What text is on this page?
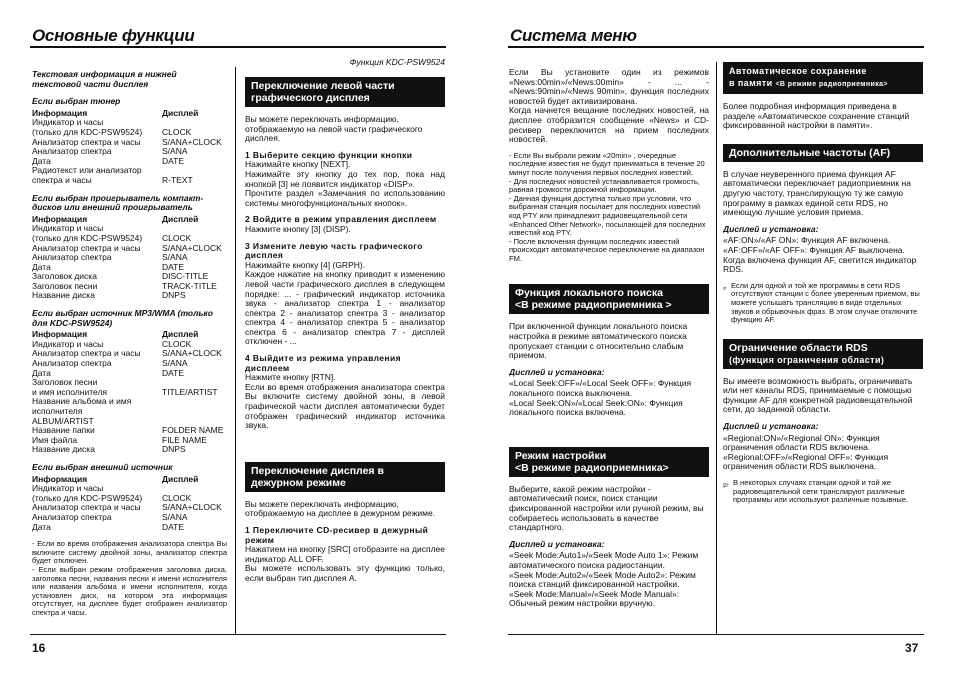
Основные функции
Функция KDC-PSW9524
16
Текстовая информация в нижней текстовой части дисплея
Если выбран тюнер
Информация	Дисплей
Индикатор и часы	
(только для KDC-PSW9524)	CLOCK
Анализатор спектра и часы	S/ANA+CLOCK
Анализатор спектра	S/ANA
Дата	DATE
Радиотекст или анализатор	
спектра и часы	R-TEXT
Если выбран проигрыватель компакт-дисков или внешний проигрыватель
Информация	Дисплей
Индикатор и часы	
(только для KDC-PSW9524)	CLOCK
Анализатор спектра и часы	S/ANA+CLOCK
Анализатор спектра	S/ANA
Дата	DATE
Заголовок диска	DISC-TITLE
Заголовок песни	TRACK-TITLE
Название диска	DNPS
Если выбран источник MP3/WMA (только для KDC-PSW9524)
Информация	Дисплей
Индикатор и часы	CLOCK
Анализатор спектра и часы	S/ANA+CLOCK
Анализатор спектра	S/ANA
Дата	DATE
Заголовок песни	
и имя исполнителя	TITLE/ARTIST
Название альбома и имя исполнителя	
ALBUM/ARTIST	
Название папки	FOLDER NAME
Имя файла	FILE NAME
Название диска	DNPS
Если выбран внешний источник
Информация	Дисплей
Индикатор и часы	
(только для KDC-PSW9524)	CLOCK
Анализатор спектра и часы	S/ANA+CLOCK
Анализатор спектра	S/ANA
Дата	DATE
- Если во время отображения анализатора спектра Вы включите систему двойной зоны, анализатор спектра будет отключен.
- Если выбран режим отображения заголовка диска, заголовка песни, названия песни и имени исполнителя или названия альбома и имени исполнителя, когда установлен диск, на котором эта информация отсутствует, на дисплее будет отображен анализатор спектра и часы.
Переключение левой части графического дисплея

Вы можете переключать информацию, отображаемую на левой части графического дисплея.

1 Выберите секцию функции кнопки

Нажимайте кнопку [NEXT].
Нажимайте эту кнопку до тех пор, пока над кнопкой [3] не появится индикатор «DISP».
Прочтите раздел «Замечания по использованию системы многофункциональных кнопок».

2 Войдите в режим управления дисплеем

Нажмите кнопку [3] (DISP).

3 Измените левую часть графического дисплея

Нажимайте кнопку [4] (GRPH).
Каждое нажатие на кнопку приводит к изменению левой части графического дисплея в следующем порядке: ... - графический индикатор источника звука - анализатор спектра 1 - анализатор спектра 2 - анализатор спектра 3 - анализатор спектра 4 - анализатор спектра 5 - анализатор спектра 6 - анализатор спектра 7 - дисплей отключен - ...

4 Выйдите из режима управления дисплеем

Нажмите кнопку [RTN].
Если во время отображения анализатора спектра Вы включите систему двойной зоны, в левой графической части дисплея автоматически будет отображен графический индикатор источника звука.

Переключение дисплея в дежурном режиме

Вы можете переключать информацию, отображаемую на дисплее в дежурном режиме.

1 Переключите CD-ресивер в дежурный режим

Нажатием на кнопку [SRC] отобразите на дисплее индикатор ALL OFF.
Вы можете использовать эту функцию только, если выбран тип дисплея A.

Система меню
37

Если Вы установите один из режимов «News:00min»/«News:00min» - ... - «News:90min»/«News 90min», функция последних новостей будет активизирована.
Когда начнется вещание последних новостей, на дисплее отобразится сообщение «News» и CD-ресивер переключится на прием последних новостей.

- Если Вы выбрали режим «20min» , очередные последние известия не будут приниматься в течение 20 минут после получения первых последних известий.
- Для последних новостей устанавливается громкость, равная громкости дорожной информации.
- Данная функция доступна только при условии, что выбранная станция посылает для последних известий код PTY или принадлежит радиовещательной сети «Enhanced Other Network», посылающей для последних известий код PTY.
- После включения функции последних известий происходит автоматическое переключение на диапазон FM.

Функция локального поиска
<В режиме радиоприемника >

При включенной функции локального поиска настройка в режиме автоматического поиска пропускает станции с относительно слабым приемом.

Дисплей и установка:

«Local Seek:OFF»/«Local Seek OFF»: Функция локального поиска выключена.
«Local Seek:ON»/«Local Seek:ON»: Функция локального поиска включена.

Режим настройки
<В режиме радиоприемника>

Выберите, какой режим настройки - автоматический поиск, поиск станции фиксированной настройки или ручной режим, вы собираетесь использовать в качестве стандартного.

Дисплей и установка:

«Seek Mode:Auto1»/«Seek Mode Auto 1»: Режим автоматического поиска радиостанции.
«Seek Mode:Auto2»/«Seek Mode Auto2»: Режим поиска станций фиксированной настройки.
«Seek Mode:Manual»/«Seek Mode Manual»: Обычный режим настройки вручную.

Автоматическое сохранение
в памяти <В режиме радиоприемника>

Более подробная информация приведена в разделе «Автоматическое сохранение станций фиксированной настройки в памяти».

Дополнительные частоты (AF)

В случае неуверенного приема функция AF автоматически переключает радиоприемник на другую частоту, транслирующую ту же самую программу в рамках единой сети RDS, но имеющую лучшие условия приема.

Дисплей и установка:

«AF:ON»/«AF ON»: Функция AF включена.
«AF:OFF»/«AF OFF»: Функция AF выключена.
Когда включена функция AF, светится индикатор RDS.

Если для одной и той же программы в сети RDS отсутствуют станции с более уверенным приемом, вы можете услышать трансляцию в виде отдельных звуков и обрывочных фраз. В этом случае отключите функцию AF.
Ограничение области RDS
(функция ограничения области)

Вы имеете возможность выбрать, ограничивать или нет каналы RDS, принимаемые с помощью функции AF для конкретной радиовещательной сети, до заданной области.

Дисплей и установка:

«Regional:ON»/«Regional ON»: Функция ограничения области RDS включена.
«Regional:OFF»/«Regional OFF»: Функция ограничения области RDS выключена.

В некоторых случаях станции одной и той же радиовещательной сети транслируют различные программы или используют различные позывные.
